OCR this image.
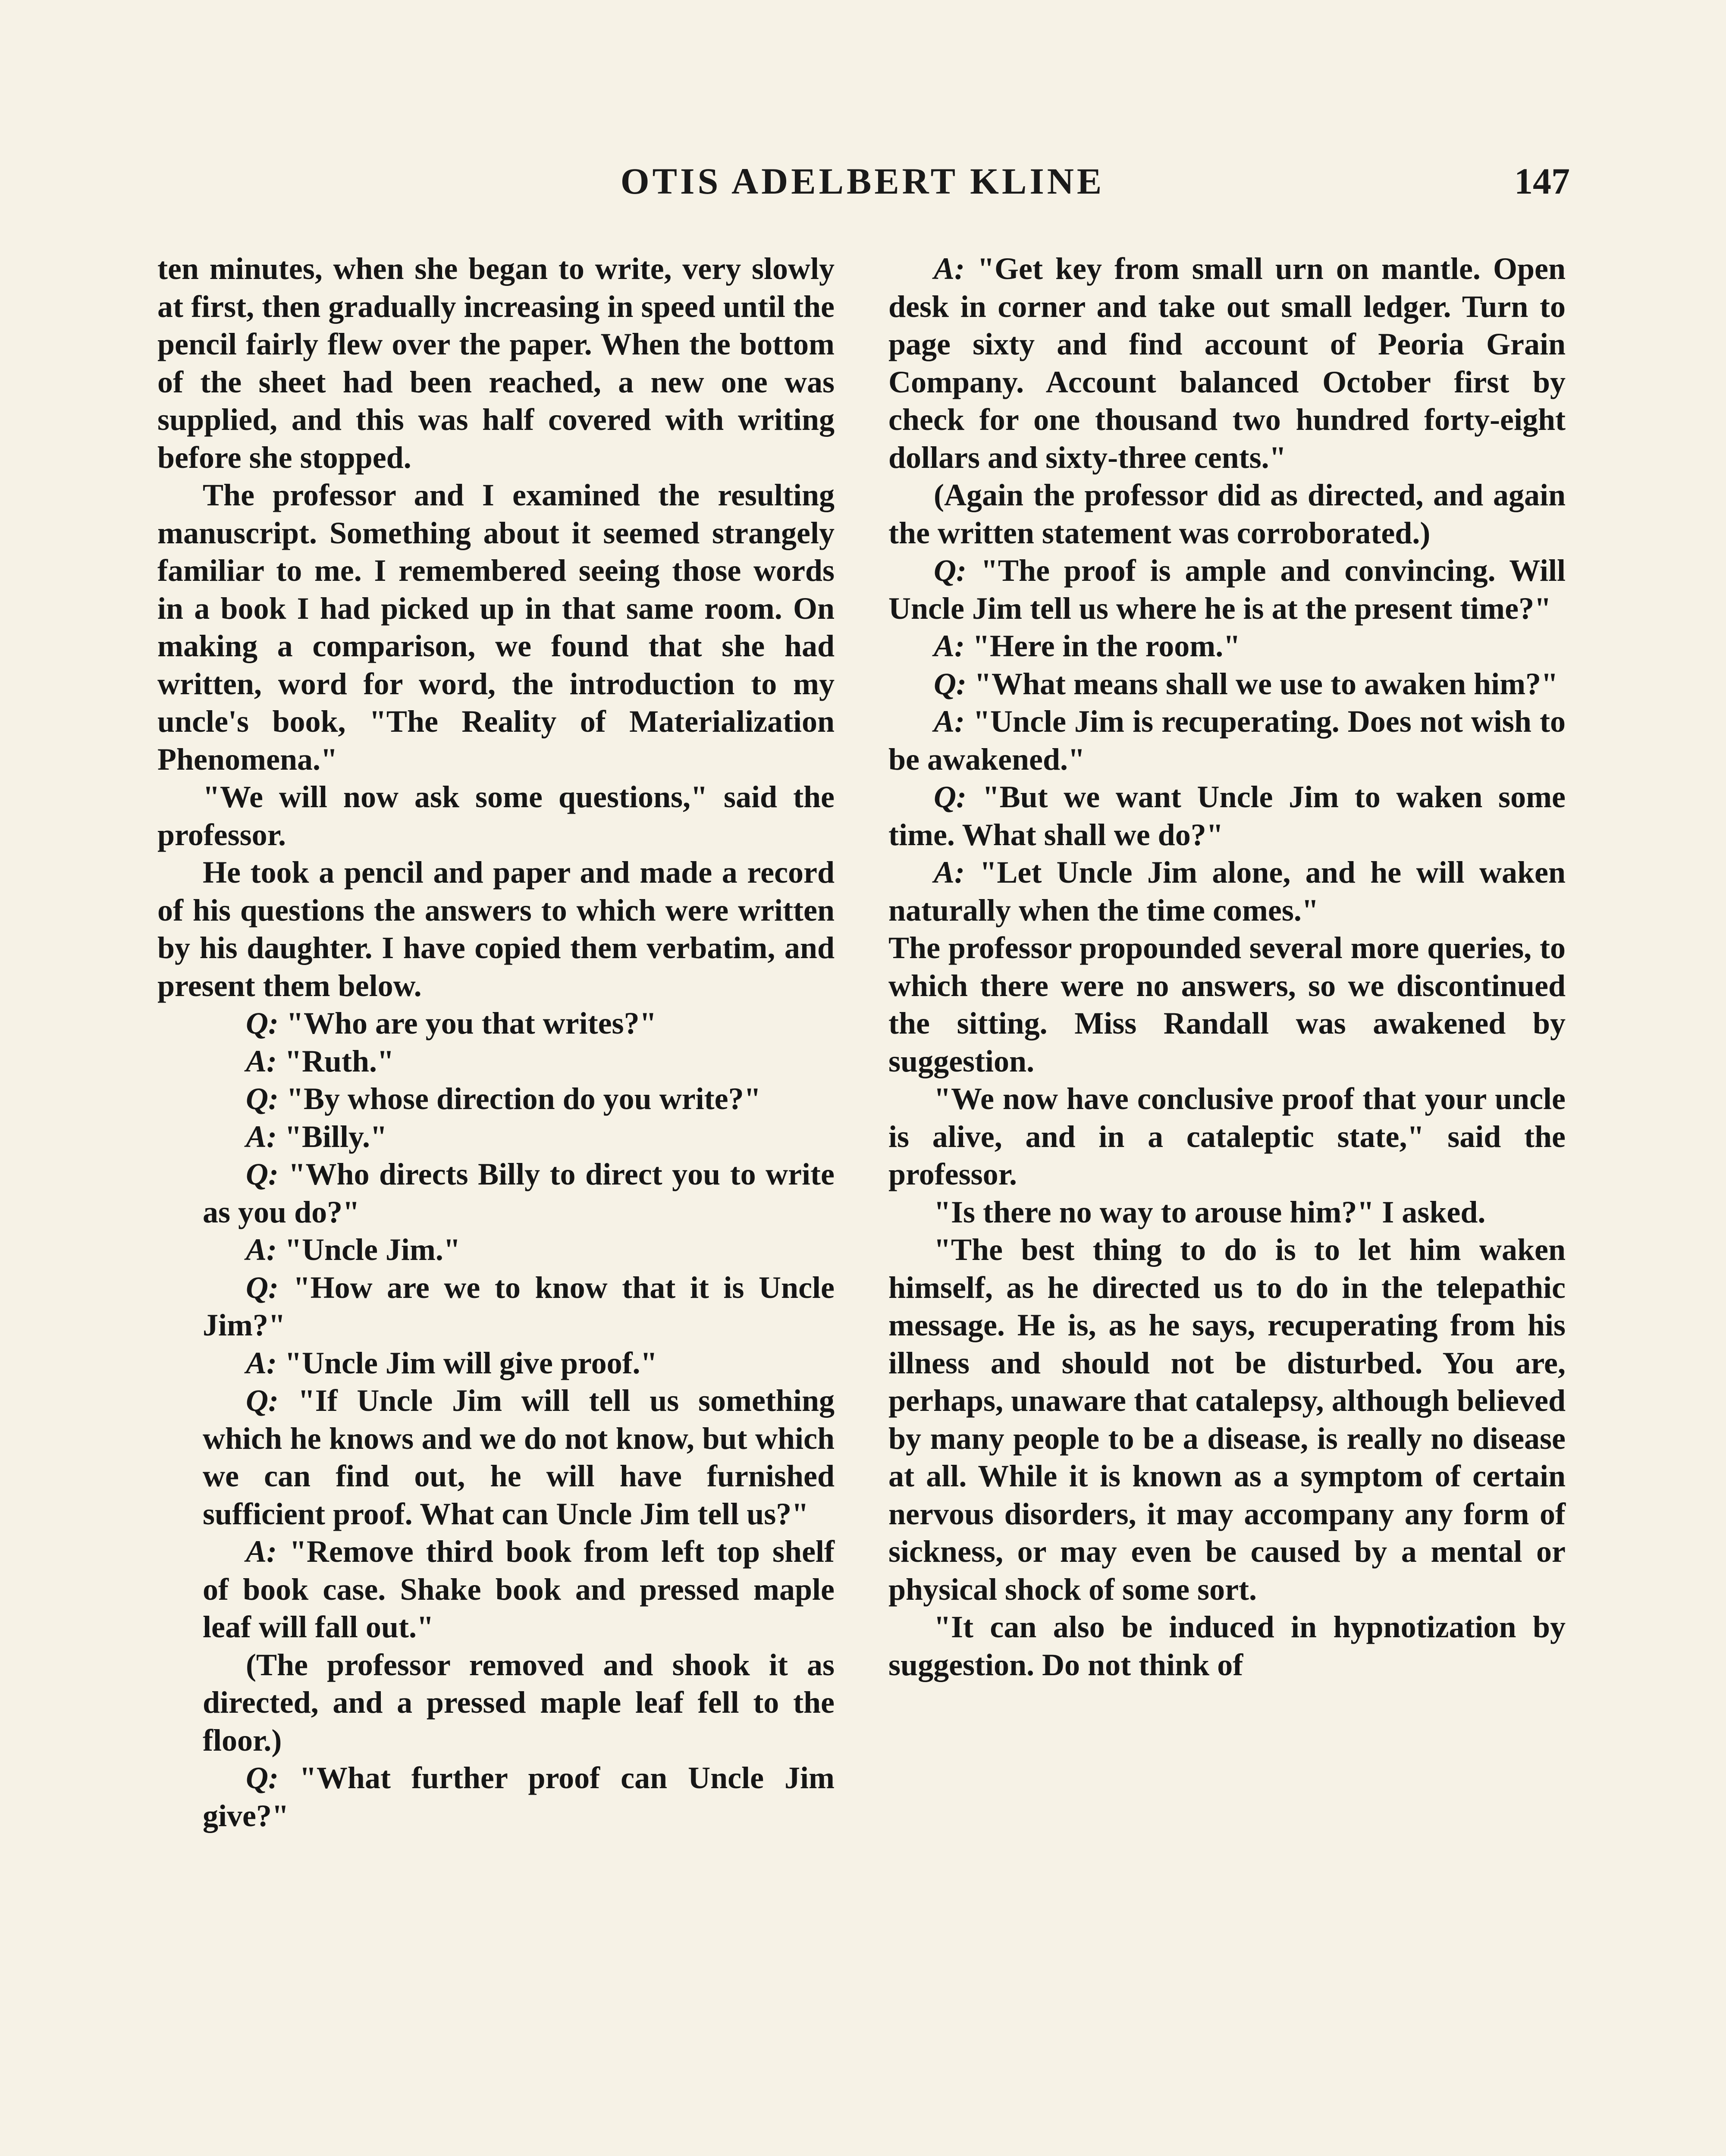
OTIS ADELBERT KLINE	147

ten minutes, when she began to write, very slowly at first, then gradually increasing in speed until the pencil fairly flew over the paper. When the bottom of the sheet had been reached, a new one was supplied, and this was half covered with writing before she stopped.

The professor and I examined the resulting manuscript. Something about it seemed strangely familiar to me. I remembered seeing those words in a book I had picked up in that same room. On making a comparison, we found that she had written, word for word, the introduction to my uncle's book, "The Reality of Materialization Phenomena."

"We will now ask some questions," said the professor.

He took a pencil and paper and made a record of his questions the answers to which were written by his daughter. I have copied them verbatim, and present them below.

Q: "Who are you that writes?"

A: "Ruth."

Q: "By whose direction do you write?"

A: "Billy."

Q: "Who directs Billy to direct you to write as you do?"

A: "Uncle Jim."

Q: "How are we to know that it is Uncle Jim?"

A: "Uncle Jim will give proof."

Q: "If Uncle Jim will tell us something which he knows and we do not know, but which we can find out, he will have furnished sufficient proof. What can Uncle Jim tell us?"

A: "Remove third book from left top shelf of book case. Shake book and pressed maple leaf will fall out."

(The professor removed and shook it as directed, and a pressed maple leaf fell to the floor.)

Q: "What further proof can Uncle Jim give?"

A: "Get key from small urn on mantle. Open desk in corner and take out small ledger. Turn to page sixty and find account of Peoria Grain Company. Account balanced October first by check for one thousand two hundred forty-eight dollars and sixty-three cents."

(Again the professor did as directed, and again the written statement was corroborated.)

Q: "The proof is ample and convincing. Will Uncle Jim tell us where he is at the present time?"

A: "Here in the room."

Q: "What means shall we use to awaken him?"

A: "Uncle Jim is recuperating. Does not wish to be awakened."

Q: "But we want Uncle Jim to waken some time. What shall we do?"

A: "Let Uncle Jim alone, and he will waken naturally when the time comes."

The professor propounded several more queries, to which there were no answers, so we discontinued the sitting. Miss Randall was awakened by suggestion.

"We now have conclusive proof that your uncle is alive, and in a cataleptic state," said the professor.

"Is there no way to arouse him?" I asked.

"The best thing to do is to let him waken himself, as he directed us to do in the telepathic message. He is, as he says, recuperating from his illness and should not be disturbed. You are, perhaps, unaware that catalepsy, although believed by many people to be a disease, is really no disease at all. While it is known as a symptom of certain nervous disorders, it may accompany any form of sickness, or may even be caused by a mental or physical shock of some sort.

"It can also be induced in hypnotization by suggestion. Do not think of
